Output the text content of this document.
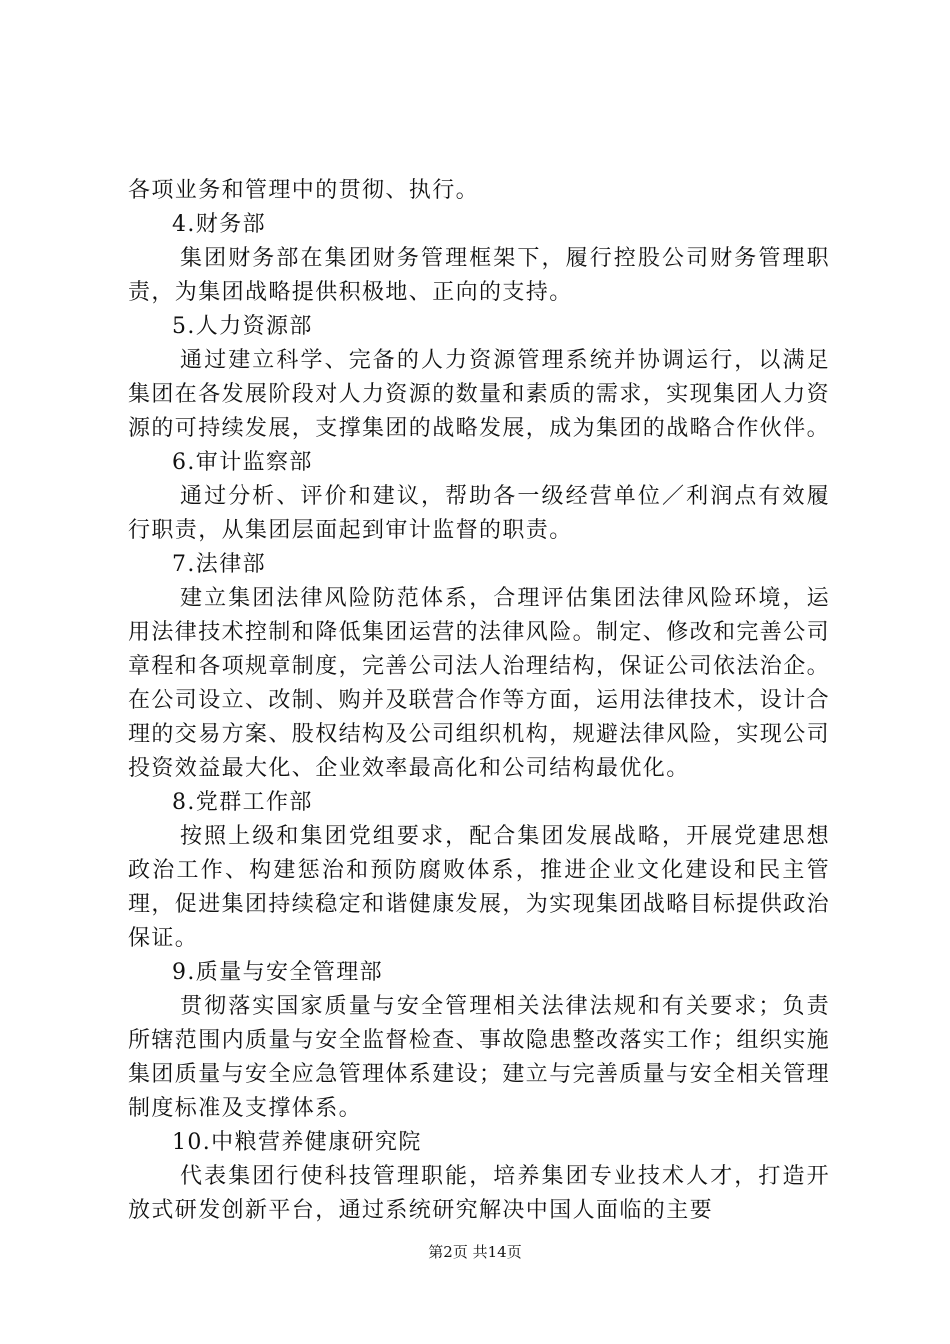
各项业务和管理中的贯彻、执行。

4.财务部

集团财务部在集团财务管理框架下，履行控股公司财务管理职责，为集团战略提供积极地、正向的支持。

5.人力资源部

通过建立科学、完备的人力资源管理系统并协调运行，以满足集团在各发展阶段对人力资源的数量和素质的需求，实现集团人力资源的可持续发展，支撑集团的战略发展，成为集团的战略合作伙伴。

6.审计监察部

通过分析、评价和建议，帮助各一级经营单位／利润点有效履行职责，从集团层面起到审计监督的职责。

7.法律部

建立集团法律风险防范体系，合理评估集团法律风险环境，运用法律技术控制和降低集团运营的法律风险。制定、修改和完善公司章程和各项规章制度，完善公司法人治理结构，保证公司依法治企。在公司设立、改制、购并及联营合作等方面，运用法律技术，设计合理的交易方案、股权结构及公司组织机构，规避法律风险，实现公司投资效益最大化、企业效率最高化和公司结构最优化。

8.党群工作部

按照上级和集团党组要求，配合集团发展战略，开展党建思想政治工作、构建惩治和预防腐败体系，推进企业文化建设和民主管理，促进集团持续稳定和谐健康发展，为实现集团战略目标提供政治保证。

9.质量与安全管理部

贯彻落实国家质量与安全管理相关法律法规和有关要求；负责所辖范围内质量与安全监督检查、事故隐患整改落实工作；组织实施集团质量与安全应急管理体系建设；建立与完善质量与安全相关管理制度标准及支撑体系。

10.中粮营养健康研究院

代表集团行使科技管理职能，培养集团专业技术人才，打造开放式研发创新平台，通过系统研究解决中国人面临的主要

第2页 共14页
